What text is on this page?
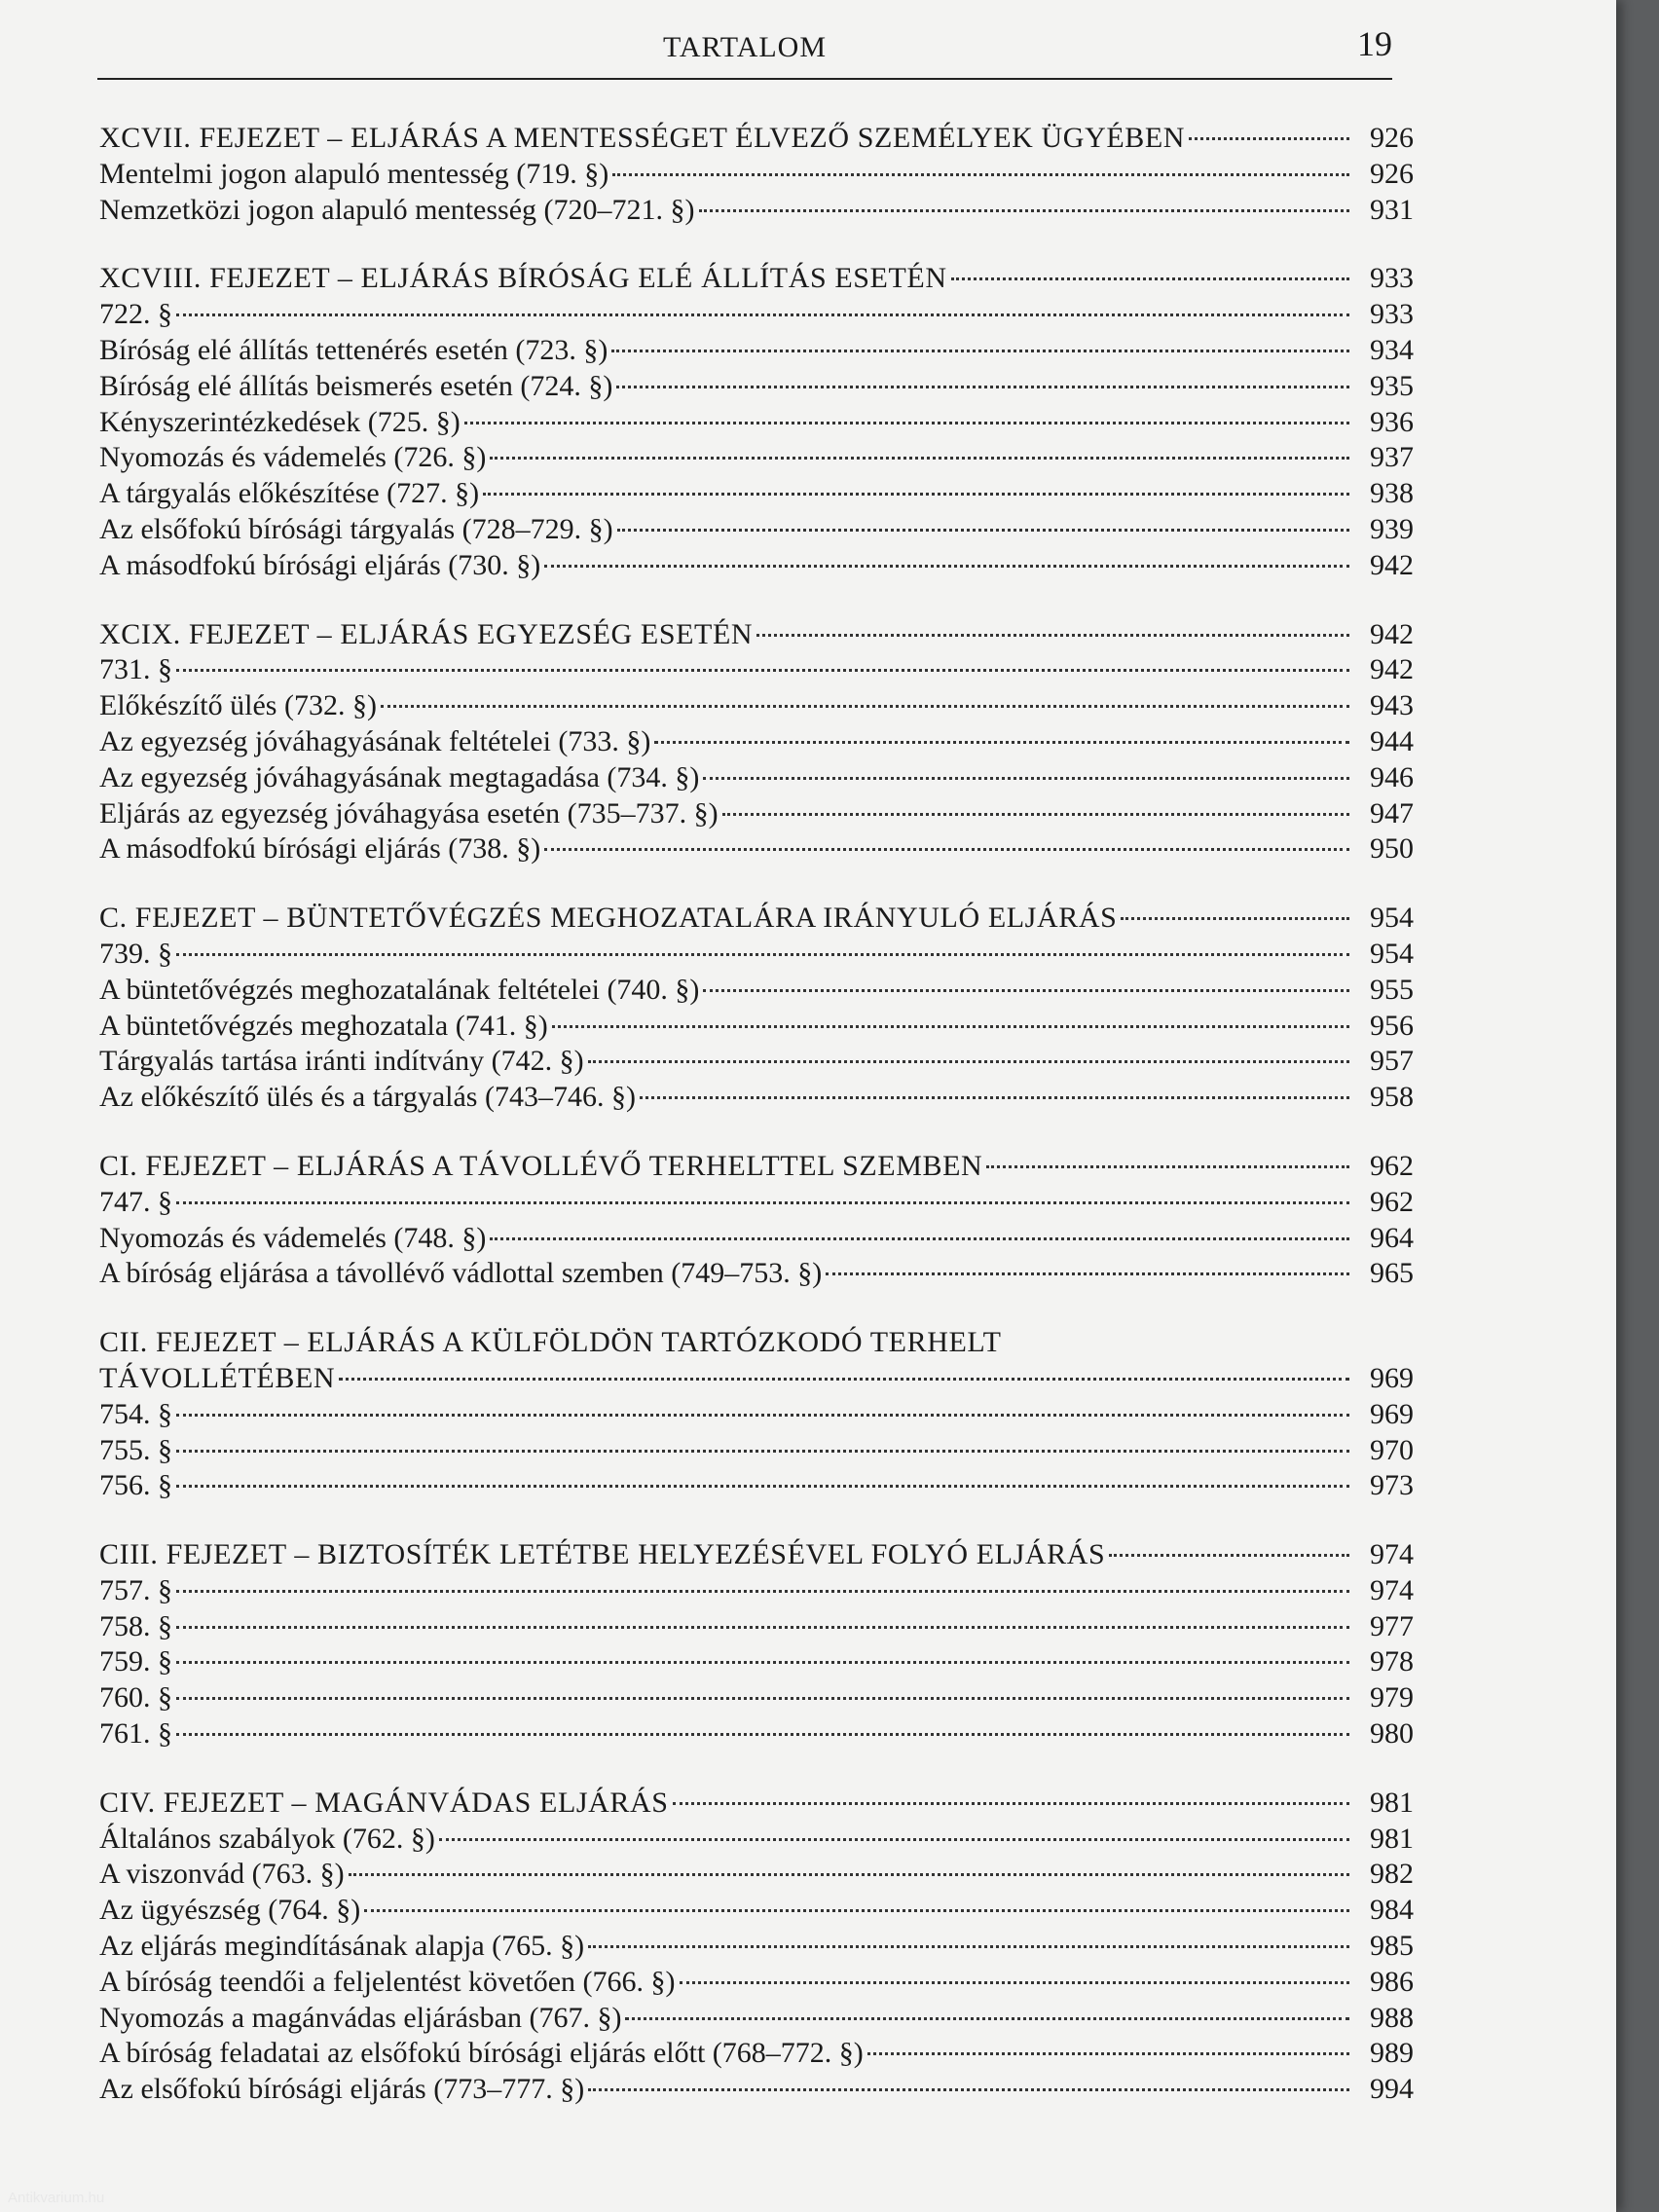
TARTALOM	19
XCVII. FEJEZET – ELJÁRÁS A MENTESSÉGET ÉLVEZŐ SZEMÉLYEK ÜGYÉBEN	926
Mentelmi jogon alapuló mentesség (719. §)	926
Nemzetközi jogon alapuló mentesség (720–721. §)	931
XCVIII. FEJEZET – ELJÁRÁS BÍRÓSÁG ELÉ ÁLLÍTÁS ESETÉN	933
722. §	933
Bíróság elé állítás tettenérés esetén (723. §)	934
Bíróság elé állítás beismerés esetén (724. §)	935
Kényszerintézkedések (725. §)	936
Nyomozás és vádemelés (726. §)	937
A tárgyalás előkészítése (727. §)	938
Az elsőfokú bírósági tárgyalás (728–729. §)	939
A másodfokú bírósági eljárás (730. §)	942
XCIX. FEJEZET – ELJÁRÁS EGYEZSÉG ESETÉN	942
731. §	942
Előkészítő ülés (732. §)	943
Az egyezség jóváhagyásának feltételei (733. §)	944
Az egyezség jóváhagyásának megtagadása (734. §)	946
Eljárás az egyezség jóváhagyása esetén (735–737. §)	947
A másodfokú bírósági eljárás (738. §)	950
C. FEJEZET – BÜNTETŐVÉGZÉS MEGHOZATALÁRA IRÁNYULÓ ELJÁRÁS	954
739. §	954
A büntetővégzés meghozatalának feltételei (740. §)	955
A büntetővégzés meghozatala (741. §)	956
Tárgyalás tartása iránti indítvány (742. §)	957
Az előkészítő ülés és a tárgyalás (743–746. §)	958
CI. FEJEZET – ELJÁRÁS A TÁVOLLÉVŐ TERHELTTEL SZEMBEN	962
747. §	962
Nyomozás és vádemelés (748. §)	964
A bíróság eljárása a távollévő vádlottal szemben (749–753. §)	965
CII. FEJEZET – ELJÁRÁS A KÜLFÖLDÖN TARTÓZKODÓ TERHELT
TÁVOLLÉTÉBEN	969
754. §	969
755. §	970
756. §	973
CIII. FEJEZET – BIZTOSÍTÉK LETÉTBE HELYEZÉSÉVEL FOLYÓ ELJÁRÁS	974
757. §	974
758. §	977
759. §	978
760. §	979
761. §	980
CIV. FEJEZET – MAGÁNVÁDAS ELJÁRÁS	981
Általános szabályok (762. §)	981
A viszonvád (763. §)	982
Az ügyészség (764. §)	984
Az eljárás megindításának alapja (765. §)	985
A bíróság teendői a feljelentést követően (766. §)	986
Nyomozás a magánvádas eljárásban (767. §)	988
A bíróság feladatai az elsőfokú bírósági eljárás előtt (768–772. §)	989
Az elsőfokú bírósági eljárás (773–777. §)	994
Antikvarium.hu
